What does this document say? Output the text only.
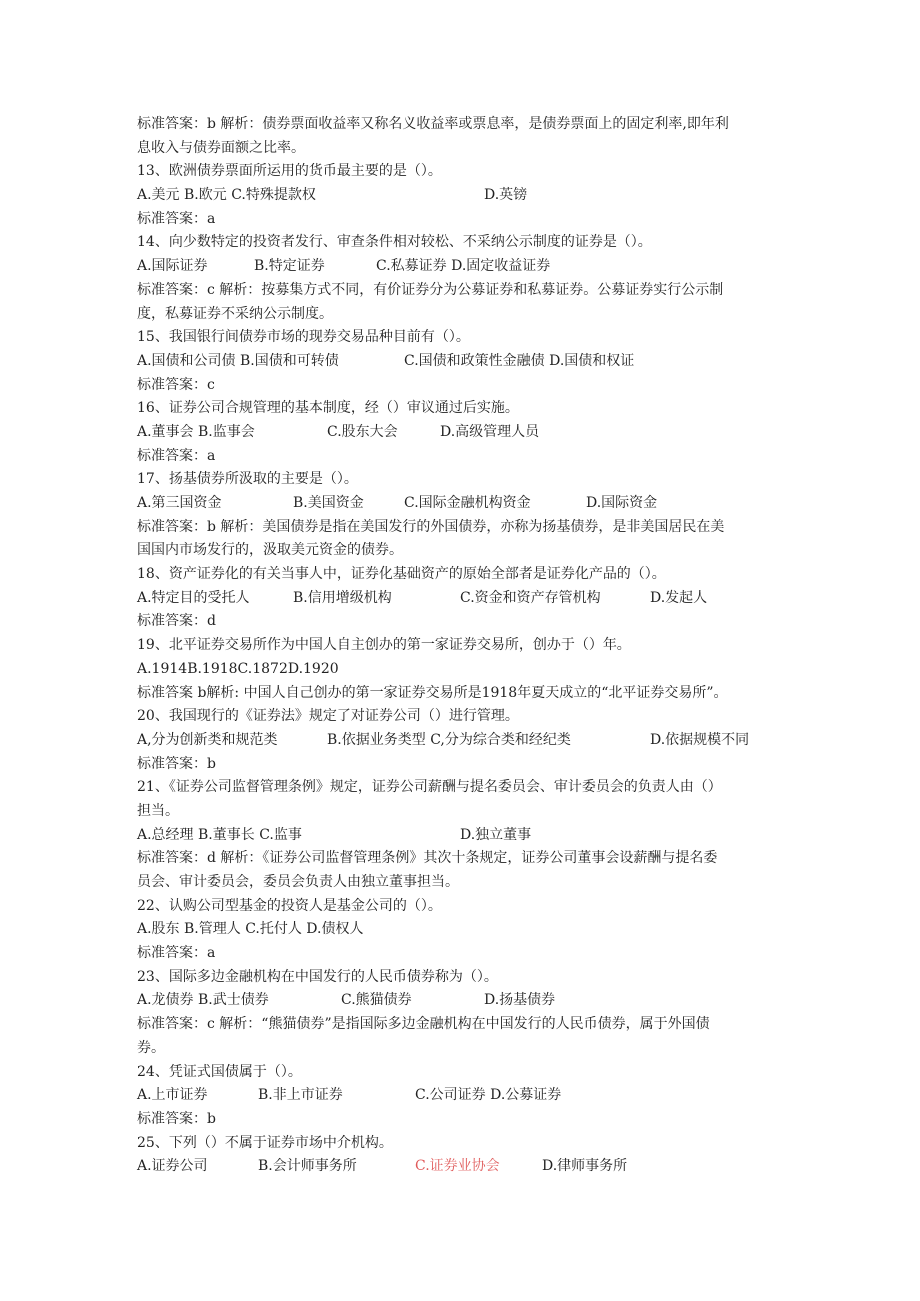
标准答案：b 解析：债券票面收益率又称名义收益率或票息率，是债券票面上的固定利率,即年利
息收入与债券面额之比率。
13、欧洲债券票面所运用的货币最主要的是（）。
A.美元 B.欧元 C.特殊提款权	D.英镑
标准答案：a
14、向少数特定的投资者发行、审查条件相对较松、不采纳公示制度的证券是（）。
A.国际证券	B.特定证券	C.私募证券 D.固定收益证券
标准答案：c 解析：按募集方式不同，有价证券分为公募证券和私募证券。公募证券实行公示制
度，私募证券不采纳公示制度。
15、我国银行间债券市场的现券交易品种目前有（）。
A.国债和公司债 B.国债和可转债	C.国债和政策性金融债 D.国债和权证
标准答案：c
16、证券公司合规管理的基本制度，经（）审议通过后实施。
A.董事会 B.监事会	C.股东大会	D.高级管理人员
标准答案：a
17、扬基债券所汲取的主要是（）。
A.第三国资金	B.美国资金	C.国际金融机构资金	D.国际资金
标准答案：b 解析：美国债券是指在美国发行的外国债券，亦称为扬基债券，是非美国居民在美
国国内市场发行的，汲取美元资金的债券。
18、资产证券化的有关当事人中，证券化基础资产的原始全部者是证券化产品的（）。
A.特定目的受托人	B.信用增级机构	C.资金和资产存管机构	D.发起人
标准答案：d
19、北平证券交易所作为中国人自主创办的第一家证券交易所，创办于（）年。
A.1914B.1918C.1872D.1920
标准答案 b解析: 中国人自己创办的第一家证券交易所是1918年夏天成立的“北平证券交易所”。
20、我国现行的《证券法》规定了对证券公司（）进行管理。
A,分为创新类和规范类	B.依据业务类型 C,分为综合类和经纪类	D.依据规模不同
标准答案：b
21、《证券公司监督管理条例》规定，证券公司薪酬与提名委员会、审计委员会的负责人由（）
担当。
A.总经理 B.董事长 C.监事	D.独立董事
标准答案：d 解析：《证券公司监督管理条例》其次十条规定，证券公司董事会设薪酬与提名委
员会、审计委员会，委员会负责人由独立董事担当。
22、认购公司型基金的投资人是基金公司的（）。
A.股东 B.管理人 C.托付人 D.债权人
标准答案：a
23、国际多边金融机构在中国发行的人民币债券称为（）。
A.龙债券 B.武士债券	C.熊猫债券	D.扬基债券
标准答案：c 解析：“熊猫债券”是指国际多边金融机构在中国发行的人民币债券，属于外国债
券。
24、凭证式国债属于（）。
A.上市证券	B.非上市证券	C.公司证券 D.公募证券
标准答案：b
25、下列（）不属于证券市场中介机构。
A.证券公司	B.会计师事务所	C.证券业协会	D.律师事务所
